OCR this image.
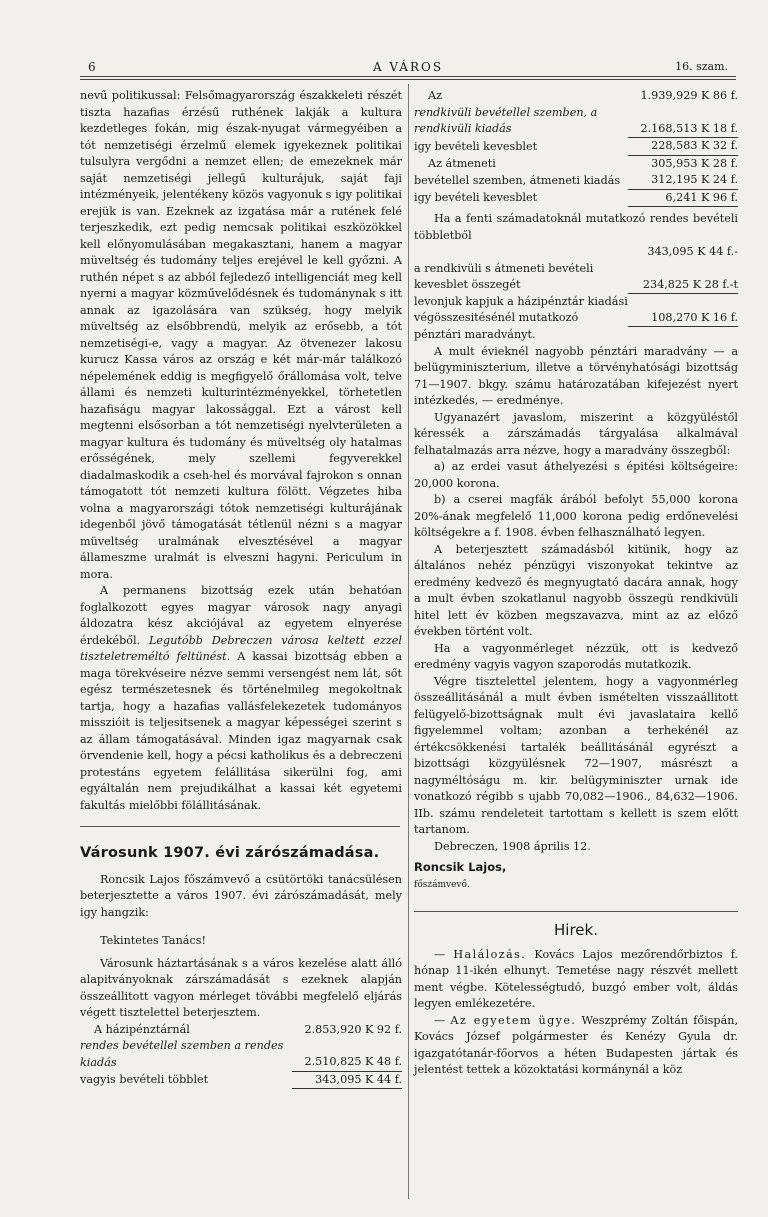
6	A VÁROS	16. szam.

nevű politikussal: Felsőmagyarország északkeleti részét tiszta hazafias érzésű ruthének lakják a kultura kezdetleges fokán, mig észak-nyugat vármegyéiben a tót nemzetiségi érzelmű elemek igyekeznek politikai tulsulyra vergődni a nemzet ellen; de emezeknek már saját nemzetiségi jellegű kulturájuk, saját faji intézményeik, jelentékeny közös vagyonuk s igy politikai erejük is van. Ezeknek az izgatása már a rutének felé terjeszkedik, ezt pedig nemcsak politikai eszközökkel kell előnyomulásában megakasztani, hanem a magyar müveltség és tudomány teljes erejével le kell győzni. A ruthén népet s az abból fejledező intelligenciát meg kell nyerni a magyar közművelődésnek és tudománynak s itt annak az igazolására van szükség, hogy melyik müveltség az elsőbbrendü, melyik az erősebb, a tót nemzetiségi-e, vagy a magyar. Az ötvenezer lakosu kurucz Kassa város az ország e két már-már találkozó népelemének eddig is megfigyelő őrállomása volt, telve állami és nemzeti kulturintézményekkel, törhetetlen hazafiságu magyar lakossággal. Ezt a várost kell megtenni elsősorban a tót nemzetiségi nyelvterületen a magyar kultura és tudomány és müveltség oly hatalmas erősségének, mely szellemi fegyverekkel diadalmaskodik a cseh-hel és morvával fajrokon s onnan támogatott tót nemzeti kultura fölött. Végzetes hiba volna a magyarországi tótok nemzetiségi kulturájának idegenből jövő támogatását tétlenül nézni s a magyar müveltség uralmának elvesztésével a magyar állameszme uralmát is elveszni hagyni. Periculum in mora.

A permanens bizottság ezek után behatóan foglalkozott egyes magyar városok nagy anyagi áldozatra kész akciójával az egyetem elnyerése érdekéből. Legutóbb Debreczen városa keltett ezzel tiszteletreméltó feltünést. A kassai bizottság ebben a maga törekvéseire nézve semmi versengést nem lát, sőt egész természetesnek és történelmileg megokoltnak tartja, hogy a hazafias vallásfelekezetek tudományos misszióit is teljesitsenek a magyar képességei szerint s az állam támogatásával. Minden igaz magyarnak csak örvendenie kell, hogy a pécsi katholikus és a debreczeni protestáns egyetem felállitása sikerülni fog, ami egyáltalán nem prejudikálhat a kassai két egyetemi fakultás mielőbbi fölállitásának.

Városunk 1907. évi zárószámadása.

Roncsik Lajos főszámvevő a csütörtöki tanácsülésen beterjesztette a város 1907. évi zárószámadását, mely igy hangzik:

Tekintetes Tanács!

Városunk háztartásának s a város kezelése alatt álló alapitványoknak zárszámadását s ezeknek alapján összeállitott vagyon mérleget tövábbi megfelelő eljárás végett tisztelettel beterjesztem.

A házipénztárnál	2.853,920 K 92 f.
rendes bevétellel szemben a rendes kiadás	2.510,825 K 48 f.
vagyis bevételi többlet	343,095 K 44 f.
Az	1.939,929 K 86 f.
rendkivüli bevétellel szemben, a rendkivüli kiadás	2.168,513 K 18 f.
igy bevételi kevesblet	228,583 K 32 f.
Az átmeneti	305,953 K 28 f.
bevétellel szemben, átmeneti kiadás	312,195 K 24 f.
igy bevételi kevesblet	6,241 K 96 f.

Ha a fenti számadatoknál mutatkozó rendes bevételi többletből

	343,095 K 44 f.-
a rendkivüli s átmeneti bevételi kevesblet összegét	234,825 K 28 f.-t
levonjuk kapjuk a házipénztár kiadási végösszesitésénél mutatkozó	108,270 K 16 f.

pénztári maradványt.

A mult évieknél nagyobb pénztári maradvány — a belügyminiszterium, illetve a törvényhatósági bizottság 71—1907. bkgy. számu határozatában kifejezést nyert intézkedés, — eredménye.

Ugyanazért javaslom, miszerint a közgyüléstől kéressék a zárszámadás tárgyalása alkalmával felhatalmazás arra nézve, hogy a maradvány összegből:

a) az erdei vasut áthelyezési s épitési költségeire: 20,000 korona.

b) a cserei magfák árából befolyt 55,000 korona 20%-ának megfelelő 11,000 korona pedig erdőnevelési költségekre a f. 1908. évben felhasználható legyen.

A beterjesztett számadásból kitünik, hogy az általános nehéz pénzügyi viszonyokat tekintve az eredmény kedvező és megnyugtató dacára annak, hogy a mult évben szokatlanul nagyobb összegü rendkivüli hitel lett év közben megszavazva, mint az az előző években történt volt.

Ha a vagyonmérleget nézzük, ott is kedvező eredmény vagyis vagyon szaporodás mutatkozik.

Végre tisztelettel jelentem, hogy a vagyonmérleg összeállitásánál a mult évben ismételten visszaállitott felügyelő-bizottságnak mult évi javaslataira kellő figyelemmel voltam; azonban a terhekénél az értékcsökkenési tartalék beállitásánál egyrészt a bizottsági közgyülésnek 72—1907, másrészt a nagyméltóságu m. kir. belügyminiszter urnak ide vonatkozó régibb s ujabb 70,082—1906., 84,632—1906. IIb. számu rendeleteit tartottam s kellett is szem előtt tartanom.

Debreczen, 1908 április 12.

Roncsik Lajos,
főszámvevő.

Hirek.

— Halálozás. Kovács Lajos mezőrendőrbiztos f. hónap 11-ikén elhunyt. Temetése nagy részvét mellett ment végbe. Kötelességtudó, buzgó ember volt, áldás legyen emlékezetére.

— Az egyetem ügye. Weszprémy Zoltán főispán, Kovács József polgármester és Kenézy Gyula dr. igazgatótanár-főorvos a héten Budapesten jártak és jelentést tettek a közoktatási kormánynál a köz
